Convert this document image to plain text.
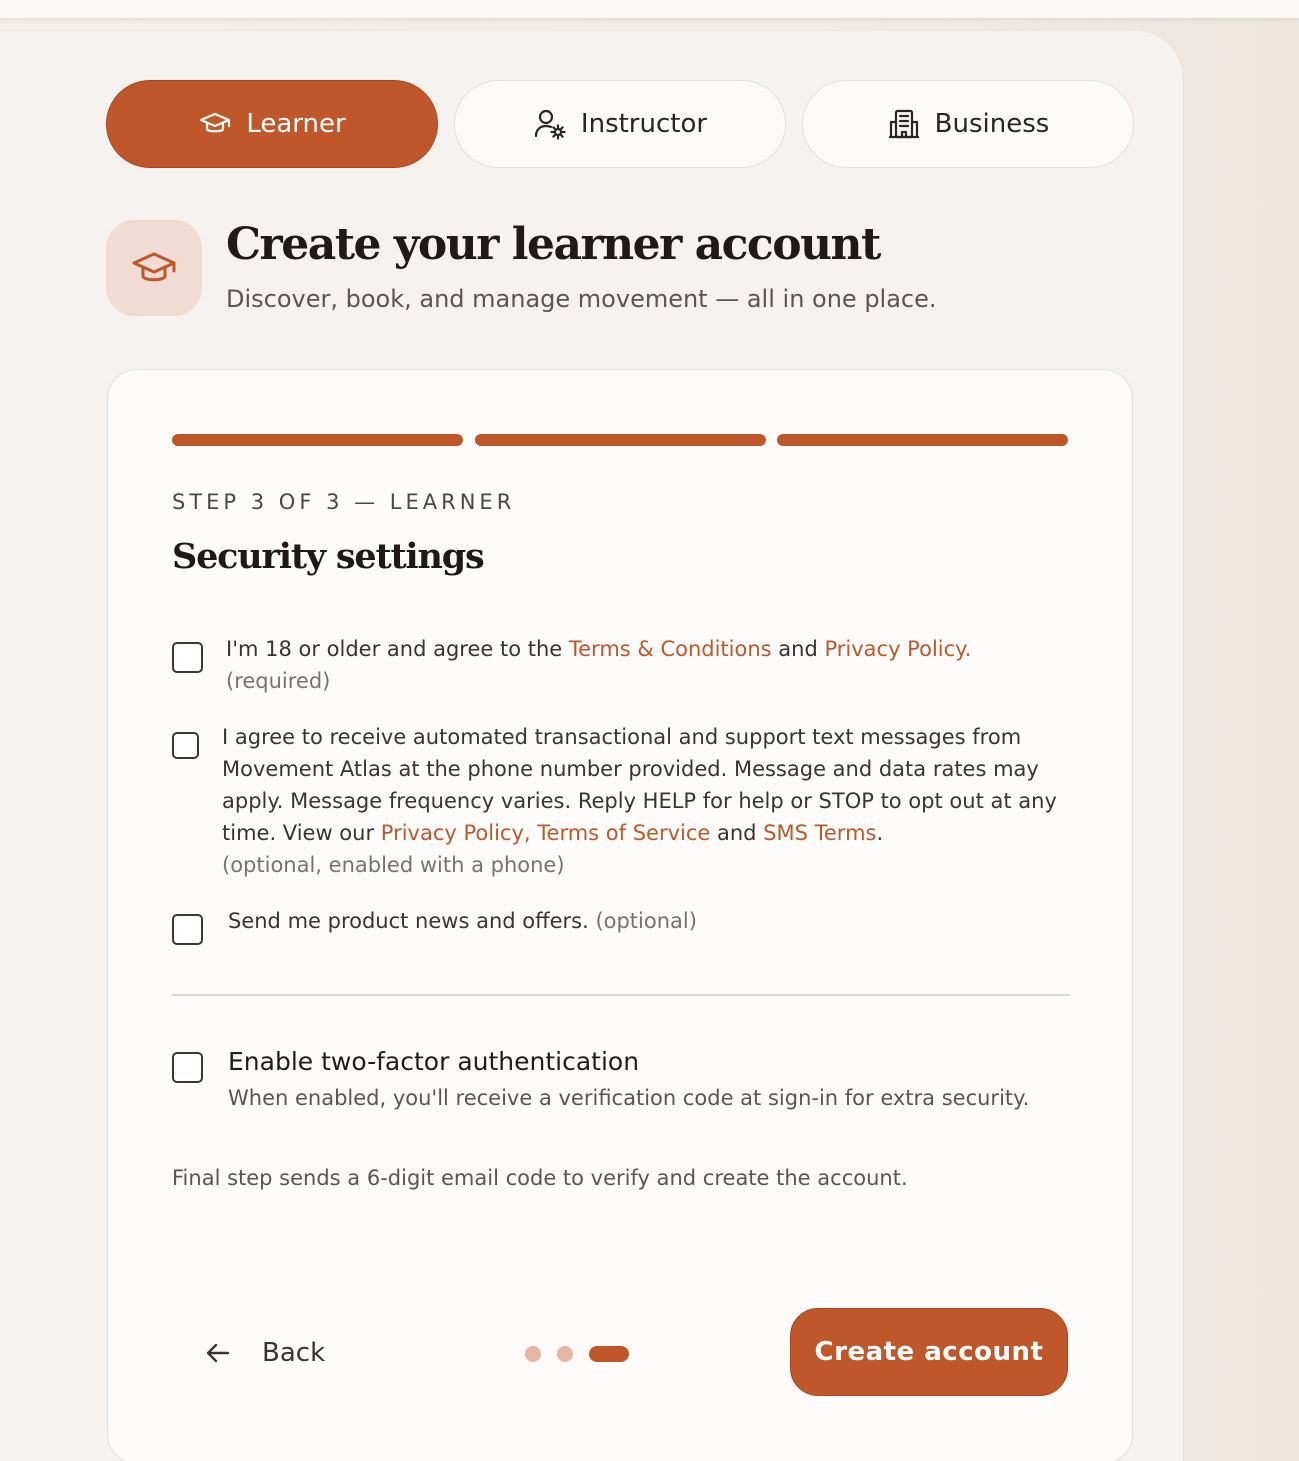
Learner	Instructor	Business
Create your learner account
Discover, book, and manage movement — all in one place.
STEP 3 OF 3 — LEARNER
Security settings
I'm 18 or older and agree to the Terms & Conditions and Privacy Policy.
(required)
I agree to receive automated transactional and support text messages from Movement Atlas at the phone number provided. Message and data rates may apply. Message frequency varies. Reply HELP for help or STOP to opt out at any time. View our Privacy Policy, Terms of Service and SMS Terms.
(optional, enabled with a phone)
Send me product news and offers. (optional)
Enable two-factor authentication
When enabled, you'll receive a verification code at sign-in for extra security.
Final step sends a 6-digit email code to verify and create the account.
Back	Create account
